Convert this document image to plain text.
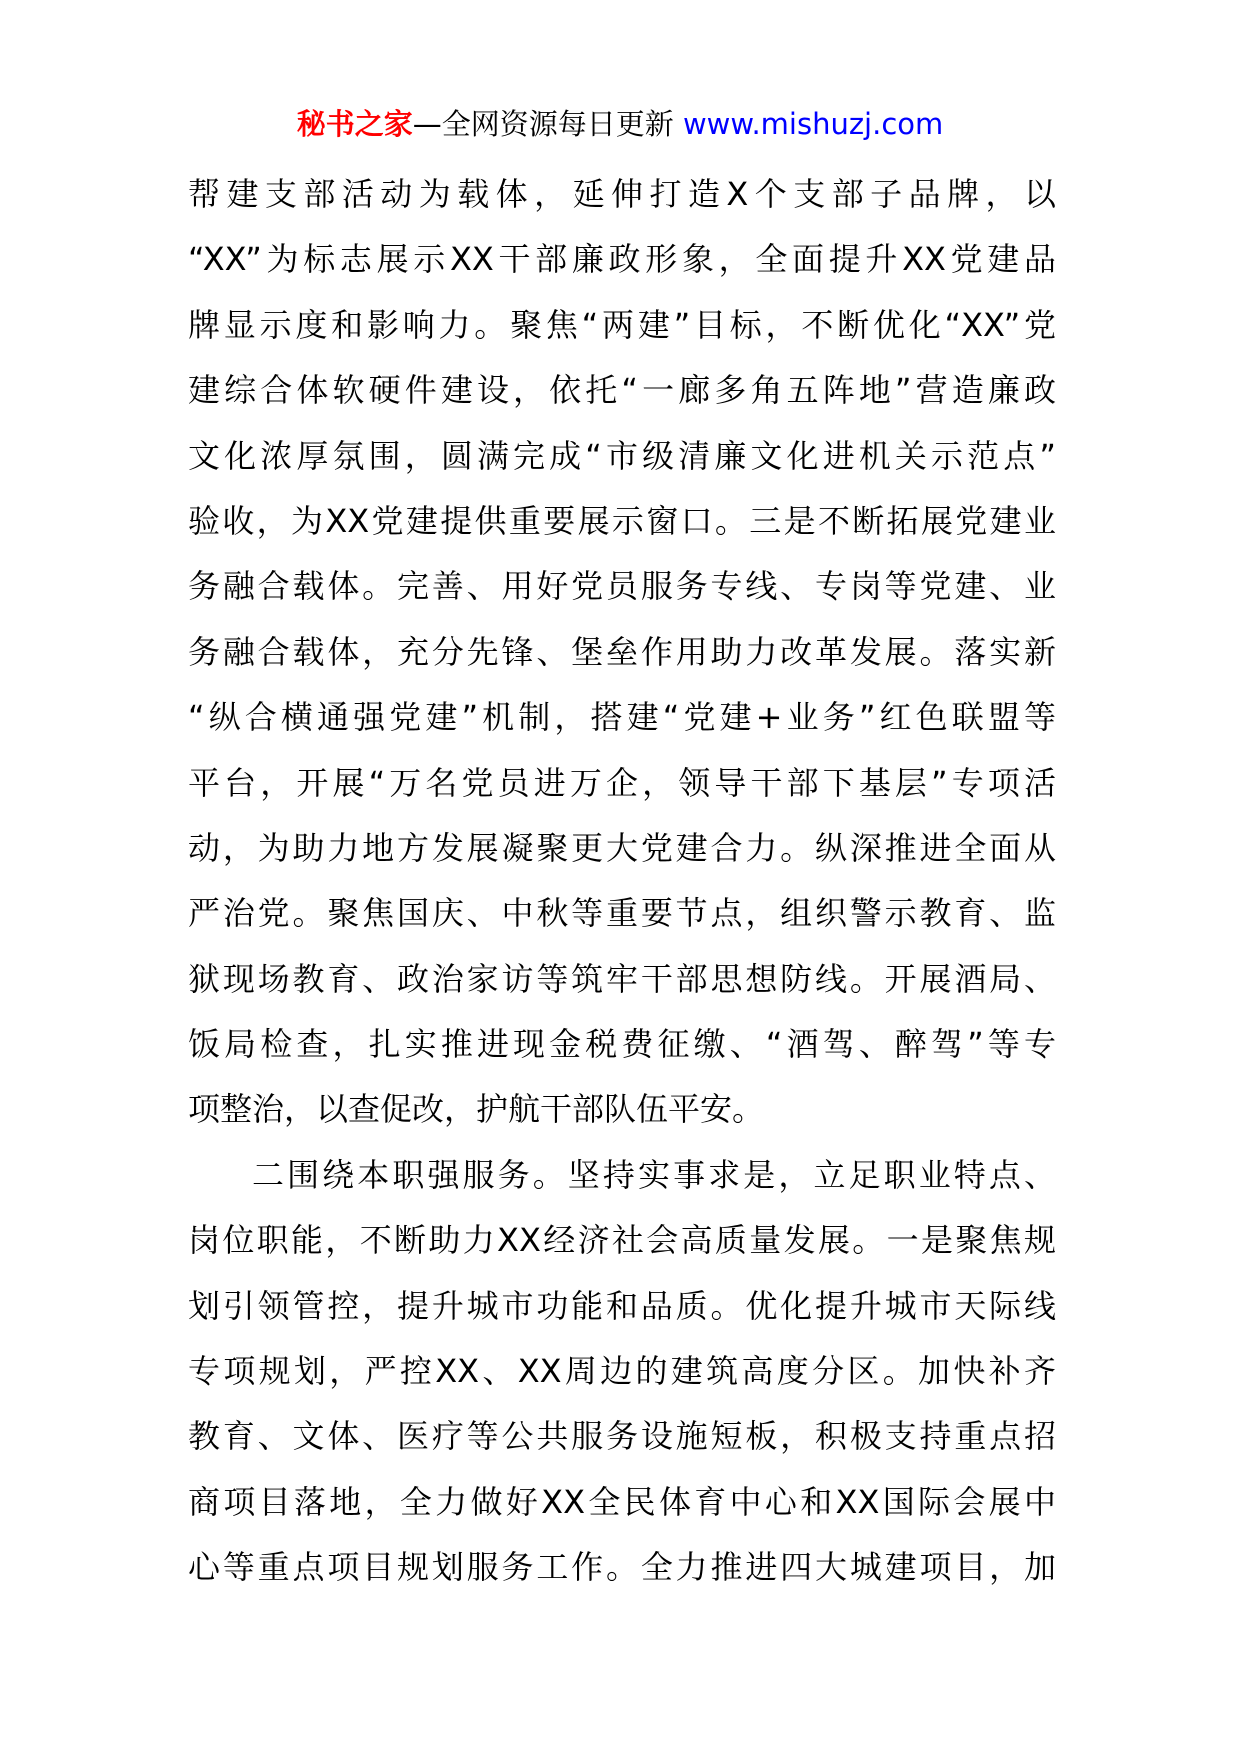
秘书之家—全网资源每日更新 www.mishuzj.com
帮建支部活动为载体，延伸打造X个支部子品牌，以
“XX”为标志展示XX干部廉政形象，全面提升XX党建品
牌显示度和影响力。聚焦“两建”目标，不断优化“XX”党
建综合体软硬件建设，依托“一廊多角五阵地”营造廉政
文化浓厚氛围，圆满完成“市级清廉文化进机关示范点”
验收，为XX党建提供重要展示窗口。三是不断拓展党建业
务融合载体。完善、用好党员服务专线、专岗等党建、业
务融合载体，充分先锋、堡垒作用助力改革发展。落实新
“纵合横通强党建”机制，搭建“党建+业务”红色联盟等
平台，开展“万名党员进万企，领导干部下基层”专项活
动，为助力地方发展凝聚更大党建合力。纵深推进全面从
严治党。聚焦国庆、中秋等重要节点，组织警示教育、监
狱现场教育、政治家访等筑牢干部思想防线。开展酒局、
饭局检查，扎实推进现金税费征缴、“酒驾、醉驾”等专
项整治，以查促改，护航干部队伍平安。
二围绕本职强服务。坚持实事求是，立足职业特点、
岗位职能，不断助力XX经济社会高质量发展。一是聚焦规
划引领管控，提升城市功能和品质。优化提升城市天际线
专项规划，严控XX、XX周边的建筑高度分区。加快补齐
教育、文体、医疗等公共服务设施短板，积极支持重点招
商项目落地，全力做好XX全民体育中心和XX国际会展中
心等重点项目规划服务工作。全力推进四大城建项目，加
